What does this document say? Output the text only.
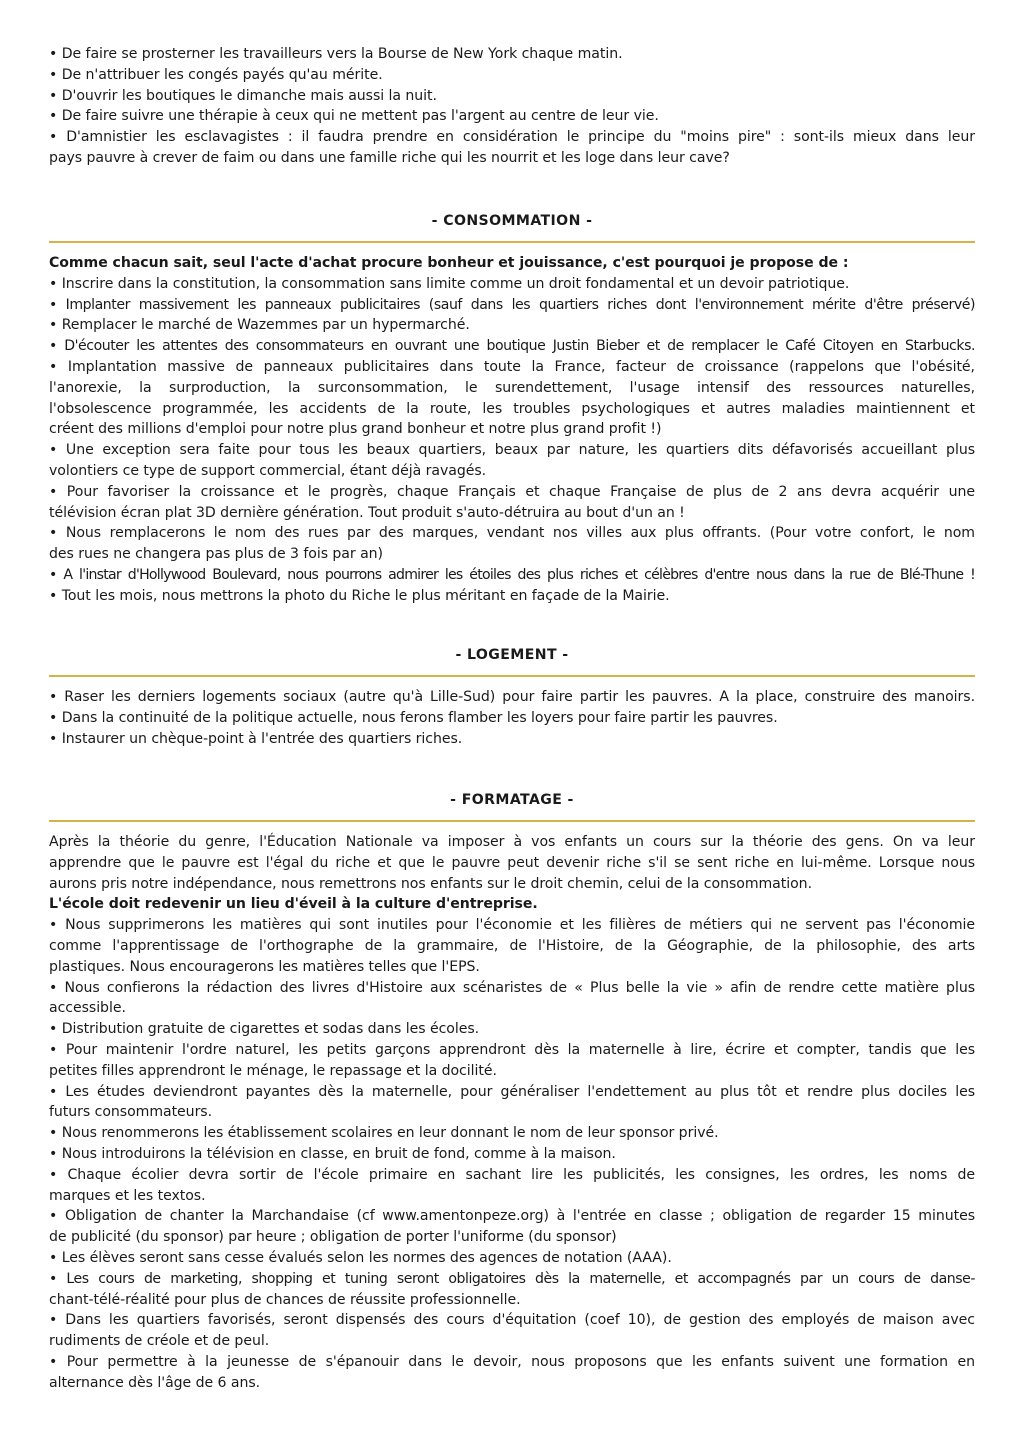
• De faire se prosterner les travailleurs vers la Bourse de New York chaque matin.
• De n'attribuer les congés payés qu'au mérite.
• D'ouvrir les boutiques le dimanche mais aussi la nuit.
• De faire suivre une thérapie à ceux qui ne mettent pas l'argent au centre de leur vie.
• D'amnistier les esclavagistes : il faudra prendre en considération le principe du "moins pire" : sont-ils mieux dans leur
pays pauvre à crever de faim ou dans une famille riche qui les nourrit et les loge dans leur cave?
- CONSOMMATION -
Comme chacun sait, seul l'acte d'achat procure bonheur et jouissance, c'est pourquoi je propose de :
• Inscrire dans la constitution, la consommation sans limite comme un droit fondamental et un devoir patriotique.
• Implanter massivement les panneaux publicitaires (sauf dans les quartiers riches dont l'environnement mérite d'être préservé)
• Remplacer le marché de Wazemmes par un hypermarché.
• D'écouter les attentes des consommateurs en ouvrant une boutique Justin Bieber et de remplacer le Café Citoyen en Starbucks.
• Implantation massive de panneaux publicitaires dans toute la France, facteur de croissance (rappelons que l'obésité,
l'anorexie, la surproduction, la surconsommation, le surendettement, l'usage intensif des ressources naturelles,
l'obsolescence programmée, les accidents de la route, les troubles psychologiques et autres maladies maintiennent et
créent des millions d'emploi pour notre plus grand bonheur et notre plus grand profit !)
• Une exception sera faite pour tous les beaux quartiers, beaux par nature, les quartiers dits défavorisés accueillant plus
volontiers ce type de support commercial, étant déjà ravagés.
• Pour favoriser la croissance et le progrès, chaque Français et chaque Française de plus de 2 ans devra acquérir une
télévision écran plat 3D dernière génération. Tout produit s'auto-détruira au bout d'un an !
• Nous remplacerons le nom des rues par des marques, vendant nos villes aux plus offrants. (Pour votre confort, le nom
des rues ne changera pas plus de 3 fois par an)
• A l'instar d'Hollywood Boulevard, nous pourrons admirer les étoiles des plus riches et célèbres d'entre nous dans la rue de Blé-Thune !
• Tout les mois, nous mettrons la photo du Riche le plus méritant en façade de la Mairie.
- LOGEMENT -
• Raser les derniers logements sociaux (autre qu'à Lille-Sud) pour faire partir les pauvres. A la place, construire des manoirs.
• Dans la continuité de la politique actuelle, nous ferons flamber les loyers pour faire partir les pauvres.
• Instaurer un chèque-point à l'entrée des quartiers riches.
- FORMATAGE -
Après la théorie du genre, l'Éducation Nationale va imposer à vos enfants un cours sur la théorie des gens. On va leur
apprendre que le pauvre est l'égal du riche et que le pauvre peut devenir riche s'il se sent riche en lui-même. Lorsque nous
aurons pris notre indépendance, nous remettrons nos enfants sur le droit chemin, celui de la consommation.
L'école doit redevenir un lieu d'éveil à la culture d'entreprise.
• Nous supprimerons les matières qui sont inutiles pour l'économie et les filières de métiers qui ne servent pas l'économie
comme l'apprentissage de l'orthographe de la grammaire, de l'Histoire, de la Géographie, de la philosophie, des arts
plastiques. Nous encouragerons les matières telles que l'EPS.
• Nous confierons la rédaction des livres d'Histoire aux scénaristes de « Plus belle la vie » afin de rendre cette matière plus
accessible.
• Distribution gratuite de cigarettes et sodas dans les écoles.
• Pour maintenir l'ordre naturel, les petits garçons apprendront dès la maternelle à lire, écrire et compter, tandis que les
petites filles apprendront le ménage, le repassage et la docilité.
• Les études deviendront payantes dès la maternelle, pour généraliser l'endettement au plus tôt et rendre plus dociles les
futurs consommateurs.
• Nous renommerons les établissement scolaires en leur donnant le nom de leur sponsor privé.
• Nous introduirons la télévision en classe, en bruit de fond, comme à la maison.
• Chaque écolier devra sortir de l'école primaire en sachant lire les publicités, les consignes, les ordres, les noms de
marques et les textos.
• Obligation de chanter la Marchandaise (cf www.amentonpeze.org) à l'entrée en classe ; obligation de regarder 15 minutes
de publicité (du sponsor) par heure ; obligation de porter l'uniforme (du sponsor)
• Les élèves seront sans cesse évalués selon les normes des agences de notation (AAA).
• Les cours de marketing, shopping et tuning seront obligatoires dès la maternelle, et accompagnés par un cours de danse-
chant-télé-réalité pour plus de chances de réussite professionnelle.
• Dans les quartiers favorisés, seront dispensés des cours d'équitation (coef 10), de gestion des employés de maison avec
rudiments de créole et de peul.
• Pour permettre à la jeunesse de s'épanouir dans le devoir, nous proposons que les enfants suivent une formation en
alternance dès l'âge de 6 ans.
